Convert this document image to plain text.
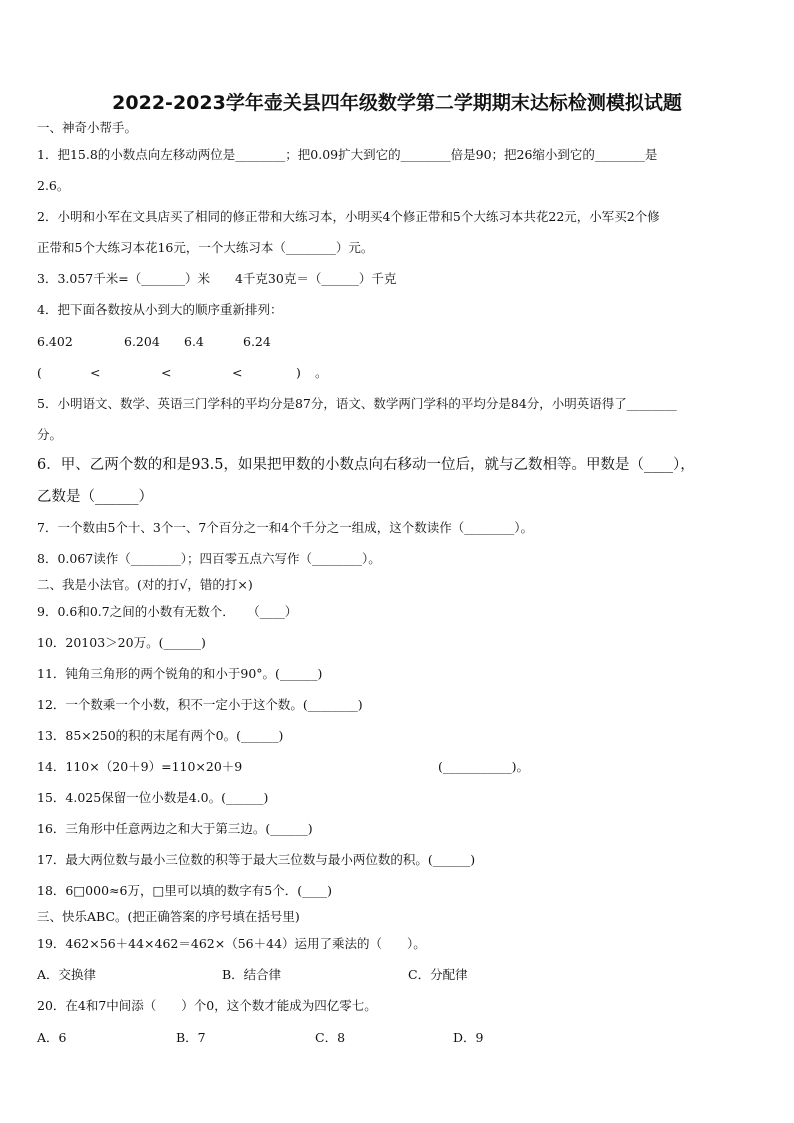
2022-2023学年壶关县四年级数学第二学期期末达标检测模拟试题
一、神奇小帮手。
1．把15.8的小数点向左移动两位是________；把0.09扩大到它的________倍是90；把26缩小到它的________是
2.6。
2．小明和小军在文具店买了相同的修正带和大练习本，小明买4个修正带和5个大练习本共花22元，小军买2个修
正带和5个大练习本花16元，一个大练习本（________）元。
3．3.057千米=（_______）米　　4千克30克＝（______）千克
4．把下面各数按从小到大的顺序重新排列：
6.402	6.204 6.4	6.24
(	<	<	<	) 。
5．小明语文、数学、英语三门学科的平均分是87分，语文、数学两门学科的平均分是84分，小明英语得了________
分。
6．甲、乙两个数的和是93.5，如果把甲数的小数点向右移动一位后，就与乙数相等。甲数是（____），
乙数是（______）
7．一个数由5个十、3个一、7个百分之一和4个千分之一组成，这个数读作（________）。
8．0.067读作（________）；四百零五点六写作（________）。
二、我是小法官。(对的打√，错的打×)
9．0.6和0.7之间的小数有无数个．　　（____）
10．20103＞20万。(______)
11．钝角三角形的两个锐角的和小于90°。(______)
12．一个数乘一个小数，积不一定小于这个数。(________)
13．85×250的积的末尾有两个0。(______)
14．110×（20＋9）=110×20＋9	(___________)。
15．4.025保留一位小数是4.0。(______)
16．三角形中任意两边之和大于第三边。(______)
17．最大两位数与最小三位数的积等于最大三位数与最小两位数的积。(______)
18．6□000≈6万，□里可以填的数字有5个．(____)
三、快乐ABC。(把正确答案的序号填在括号里)
19．462×56＋44×462＝462×（56＋44）运用了乘法的（　　）。
A．交换律	B．结合律	C．分配律
20．在4和7中间添（　　）个0，这个数才能成为四亿零七。
A．6	B．7	C．8	D．9
